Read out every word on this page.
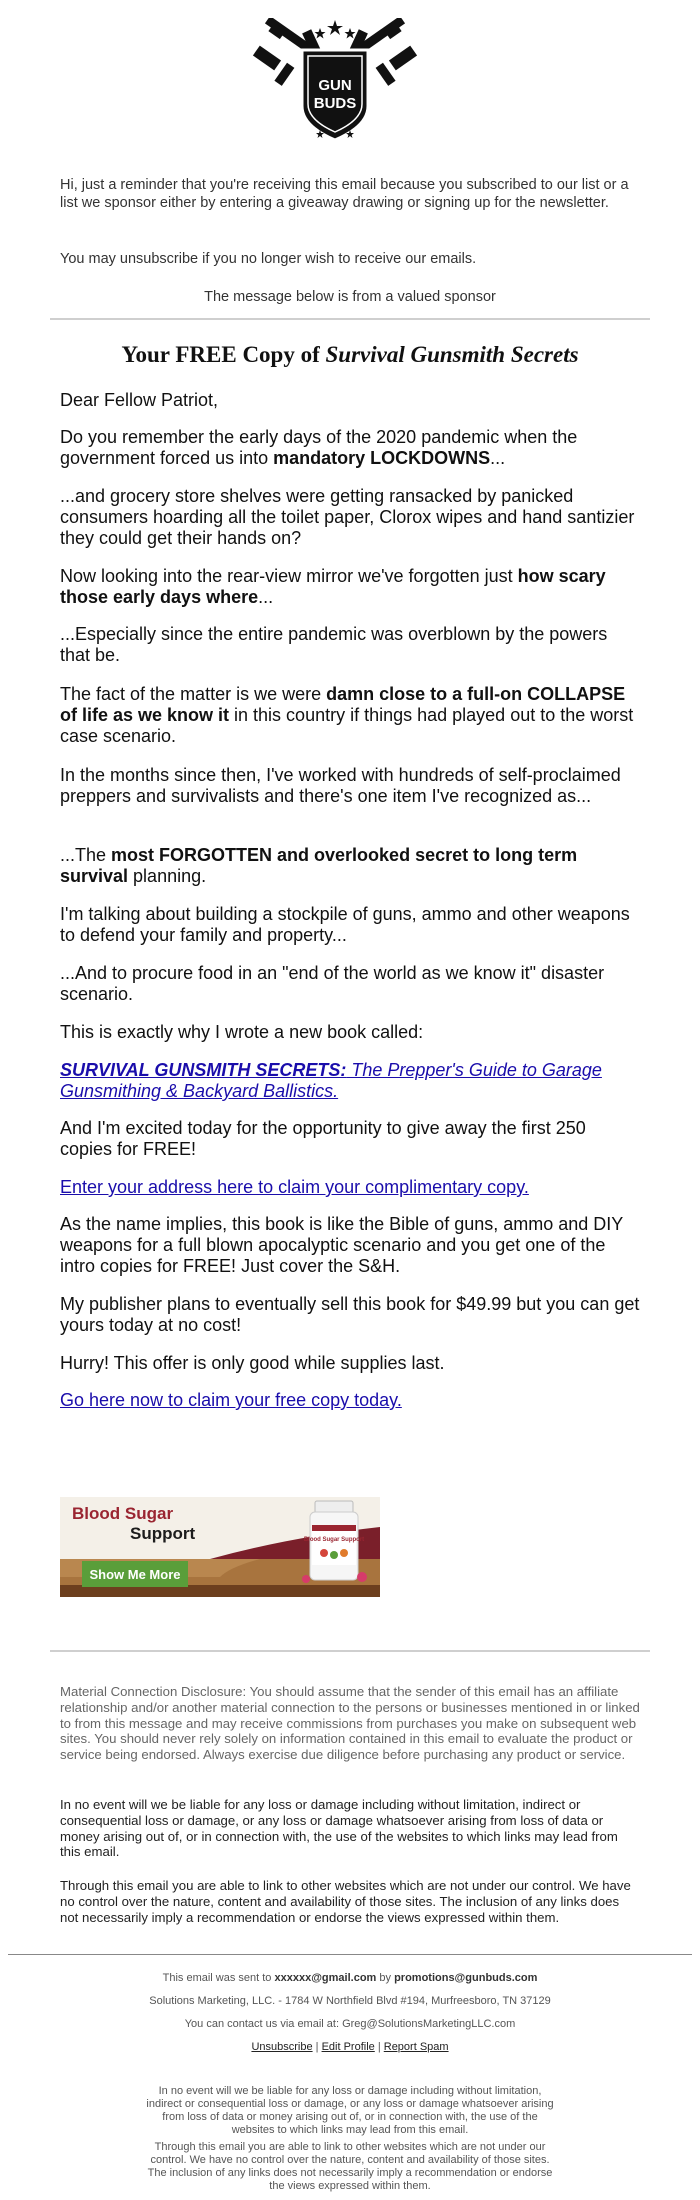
GUN
BUDS
Hi, just a reminder that you're receiving this email because you subscribed to our list or a list we sponsor either by entering a giveaway drawing or signing up for the newsletter.
You may unsubscribe if you no longer wish to receive our emails.
The message below is from a valued sponsor
Your FREE Copy of Survival Gunsmith Secrets
Dear Fellow Patriot,
Do you remember the early days of the 2020 pandemic when the government forced us into mandatory LOCKDOWNS...
...and grocery store shelves were getting ransacked by panicked consumers hoarding all the toilet paper, Clorox wipes and hand santizier they could get their hands on?
Now looking into the rear-view mirror we've forgotten just how scary those early days where...
...Especially since the entire pandemic was overblown by the powers that be.
The fact of the matter is we were damn close to a full-on COLLAPSE of life as we know it in this country if things had played out to the worst case scenario.
In the months since then, I've worked with hundreds of self-proclaimed preppers and survivalists and there's one item I've recognized as...
...The most FORGOTTEN and overlooked secret to long term survival planning.
I'm talking about building a stockpile of guns, ammo and other weapons to defend your family and property...
...And to procure food in an "end of the world as we know it" disaster scenario.
This is exactly why I wrote a new book called:
SURVIVAL GUNSMITH SECRETS: The Prepper's Guide to Garage Gunsmithing & Backyard Ballistics.
And I'm excited today for the opportunity to give away the first 250 copies for FREE!
Enter your address here to claim your complimentary copy.
As the name implies, this book is like the Bible of guns, ammo and DIY weapons for a full blown apocalyptic scenario and you get one of the intro copies for FREE! Just cover the S&H.
My publisher plans to eventually sell this book for $49.99 but you can get yours today at no cost!
Hurry! This offer is only good while supplies last.
Go here now to claim your free copy today.
Blood Sugar
Support
Show Me More
Blood Sugar Support
Material Connection Disclosure: You should assume that the sender of this email has an affiliate relationship and/or another material connection to the persons or businesses mentioned in or linked to from this message and may receive commissions from purchases you make on subsequent web sites. You should never rely solely on information contained in this email to evaluate the product or service being endorsed. Always exercise due diligence before purchasing any product or service.
In no event will we be liable for any loss or damage including without limitation, indirect or consequential loss or damage, or any loss or damage whatsoever arising from loss of data or money arising out of, or in connection with, the use of the websites to which links may lead from this email.
Through this email you are able to link to other websites which are not under our control. We have no control over the nature, content and availability of those sites. The inclusion of any links does not necessarily imply a recommendation or endorse the views expressed within them.
This email was sent to xxxxxx@gmail.com by promotions@gunbuds.com
Solutions Marketing, LLC. - 1784 W Northfield Blvd #194, Murfreesboro, TN 37129
You can contact us via email at: Greg@SolutionsMarketingLLC.com
Unsubscribe | Edit Profile | Report Spam
In no event will we be liable for any loss or damage including without limitation, indirect or consequential loss or damage, or any loss or damage whatsoever arising from loss of data or money arising out of, or in connection with, the use of the websites to which links may lead from this email.
Through this email you are able to link to other websites which are not under our control. We have no control over the nature, content and availability of those sites. The inclusion of any links does not necessarily imply a recommendation or endorse the views expressed within them.
